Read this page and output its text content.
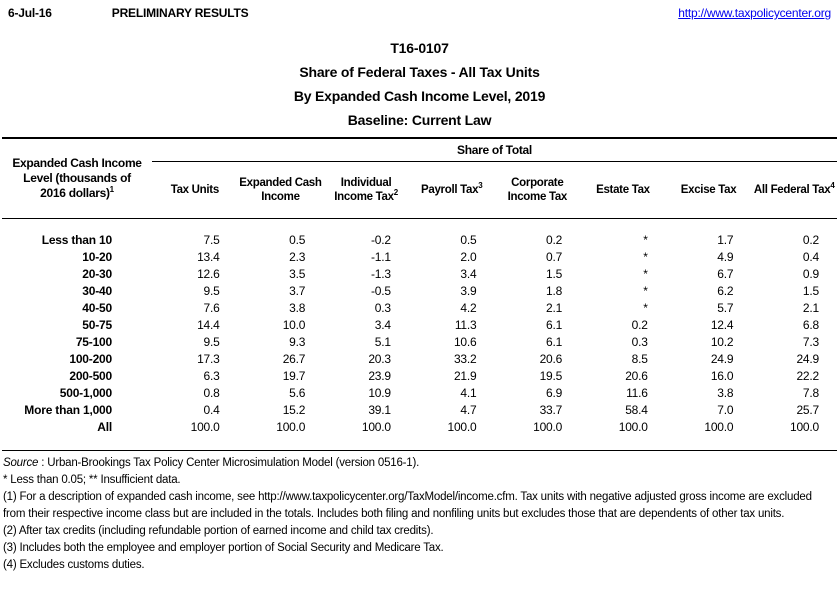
6-Jul-16	PRELIMINARY RESULTS	http://www.taxpolicycenter.org

T16-0107

Share of Federal Taxes - All Tax Units

By Expanded Cash Income Level, 2019

Baseline: Current Law

Expanded Cash Income Level (thousands of 2016 dollars)$^1$	Share of Total							
	Tax Units	Expanded Cash Income	Individual Income Tax$^2$	Payroll Tax$^3$	Corporate Income Tax	Estate Tax	Excise Tax	All Federal Tax$^4$
Less than 10	7.5	0.5	-0.2	0.5	0.2	*	1.7	0.2
10-20	13.4	2.3	-1.1	2.0	0.7	*	4.9	0.4
20-30	12.6	3.5	-1.3	3.4	1.5	*	6.7	0.9
30-40	9.5	3.7	-0.5	3.9	1.8	*	6.2	1.5
40-50	7.6	3.8	0.3	4.2	2.1	*	5.7	2.1
50-75	14.4	10.0	3.4	11.3	6.1	0.2	12.4	6.8
75-100	9.5	9.3	5.1	10.6	6.1	0.3	10.2	7.3
100-200	17.3	26.7	20.3	33.2	20.6	8.5	24.9	24.9
200-500	6.3	19.7	23.9	21.9	19.5	20.6	16.0	22.2
500-1,000	0.8	5.6	10.9	4.1	6.9	11.6	3.8	7.8
More than 1,000	0.4	15.2	39.1	4.7	33.7	58.4	7.0	25.7
All	100.0	100.0	100.0	100.0	100.0	100.0	100.0	100.0

Source : Urban-Brookings Tax Policy Center Microsimulation Model (version 0516-1).

* Less than 0.05; ** Insufficient data.

(1) For a description of expanded cash income, see http://www.taxpolicycenter.org/TaxModel/income.cfm. Tax units with negative adjusted gross income are excluded from their respective income class but are included in the totals. Includes both filing and nonfiling units but excludes those that are dependents of other tax units.

(2) After tax credits (including refundable portion of earned income and child tax credits).

(3) Includes both the employee and employer portion of Social Security and Medicare Tax.

(4) Excludes customs duties.
